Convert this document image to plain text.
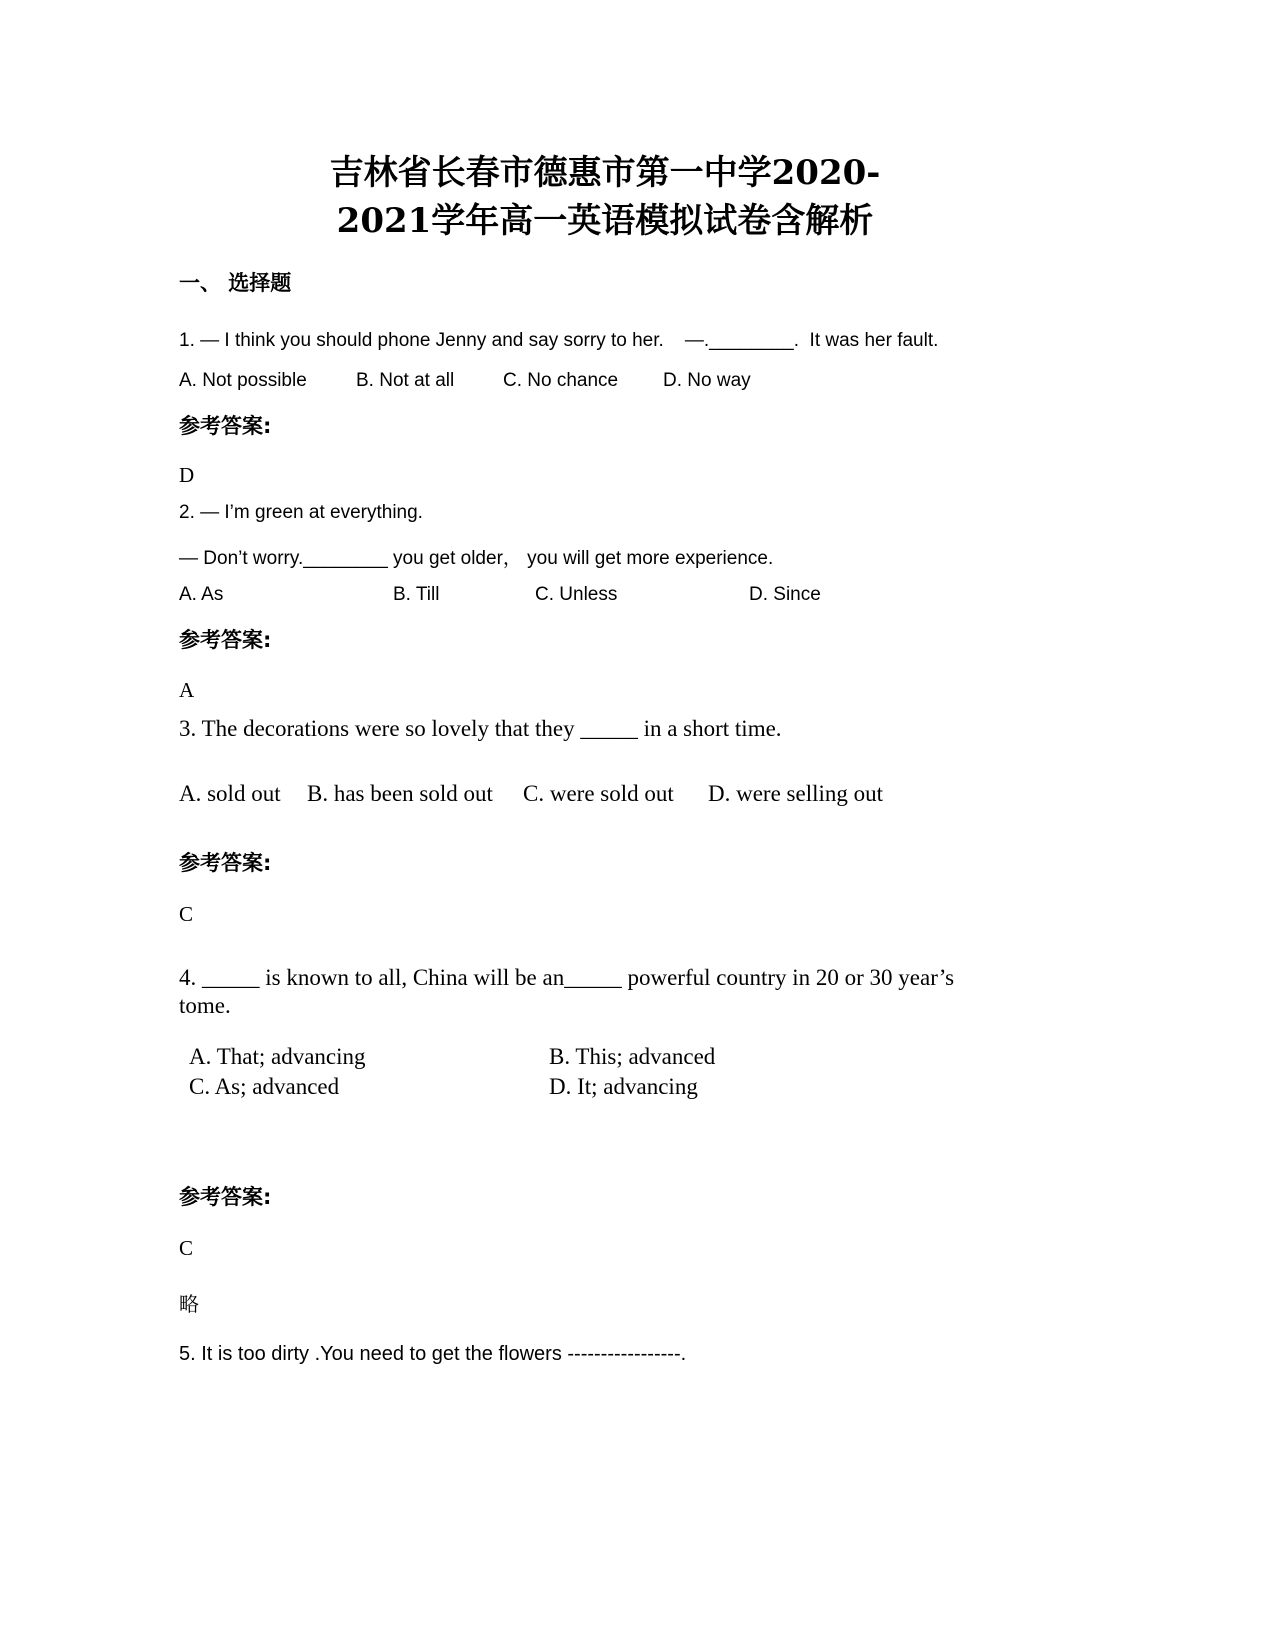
吉林省长春市德惠市第一中学2020-
2021学年高一英语模拟试卷含解析
一、 选择题
1. — I think you should phone Jenny and say sorry to her.    —.________.  It was her fault.
A. Not possible	B. Not at all	C. No chance D. No way
参考答案:
D
2. — I’m green at everything.
— Don’t worry.________ you get older， you will get more experience.
A. As	B. Till	C. Unless	D. Since
参考答案:
A
3. The decorations were so lovely that they _____ in a short time.
A. sold out B. has been sold out C. were sold out D. were selling out
参考答案:
C
4. _____ is known to all, China will be an_____ powerful country in 20 or 30 year’s
tome.
A. That; advancing	B. This; advanced
C. As; advanced	D. It; advancing
参考答案:
C
略
5. It is too dirty .You need to get the flowers -----------------.
